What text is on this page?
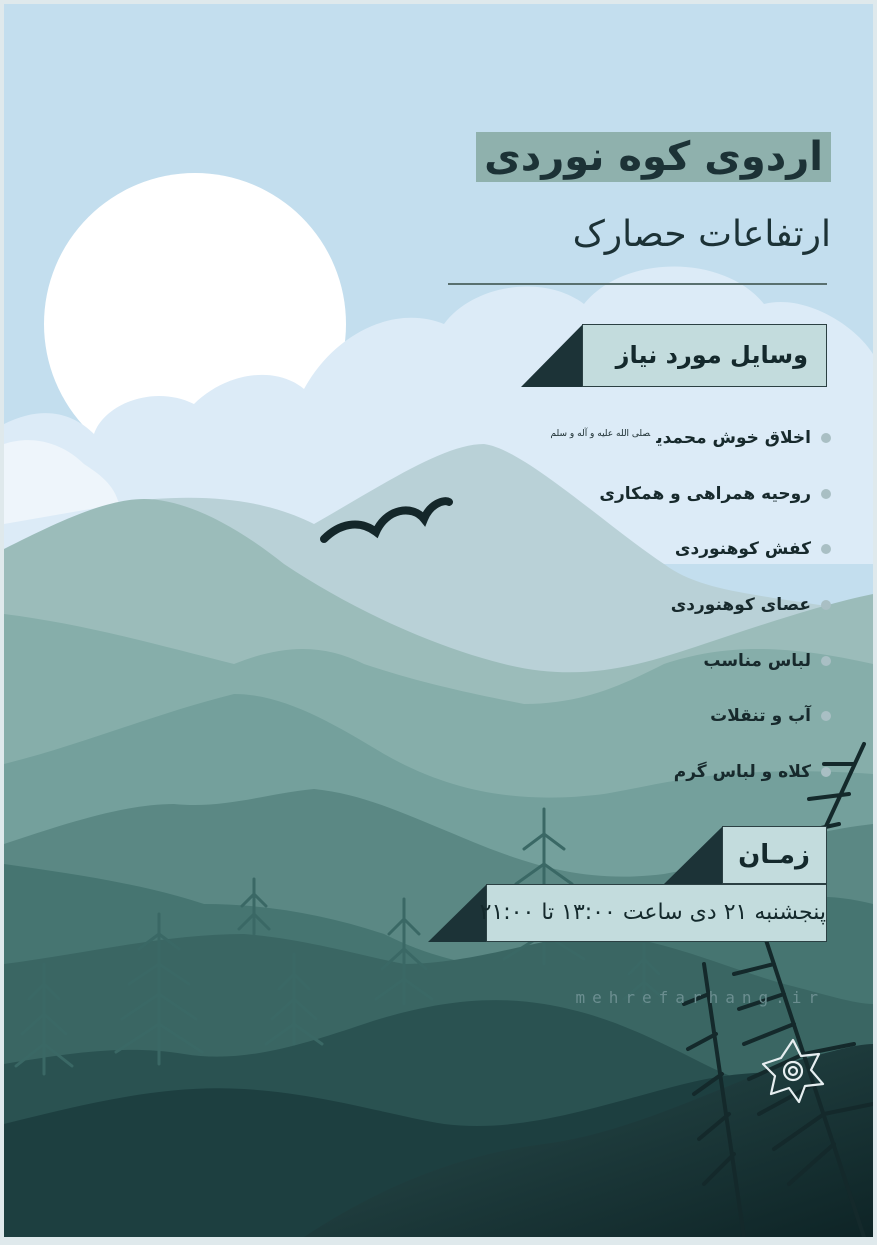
اردوی کوه نوردی
ارتفاعات حصارک
وسایل مورد نیاز
اخلاق خوش محمدی$^{صلی الله علیه و آله و سلم}$
روحیه همراهی و همکاری
کفش کوهنوردی
عصای کوهنوردی
لباس مناسب
آب و تنقلات
کلاه و لباس گرم
زمـان
پنجشنبه ۲۱ دی ساعت ۱۳:۰۰ تا ۲۱:۰۰
mehrefarhang.ir
